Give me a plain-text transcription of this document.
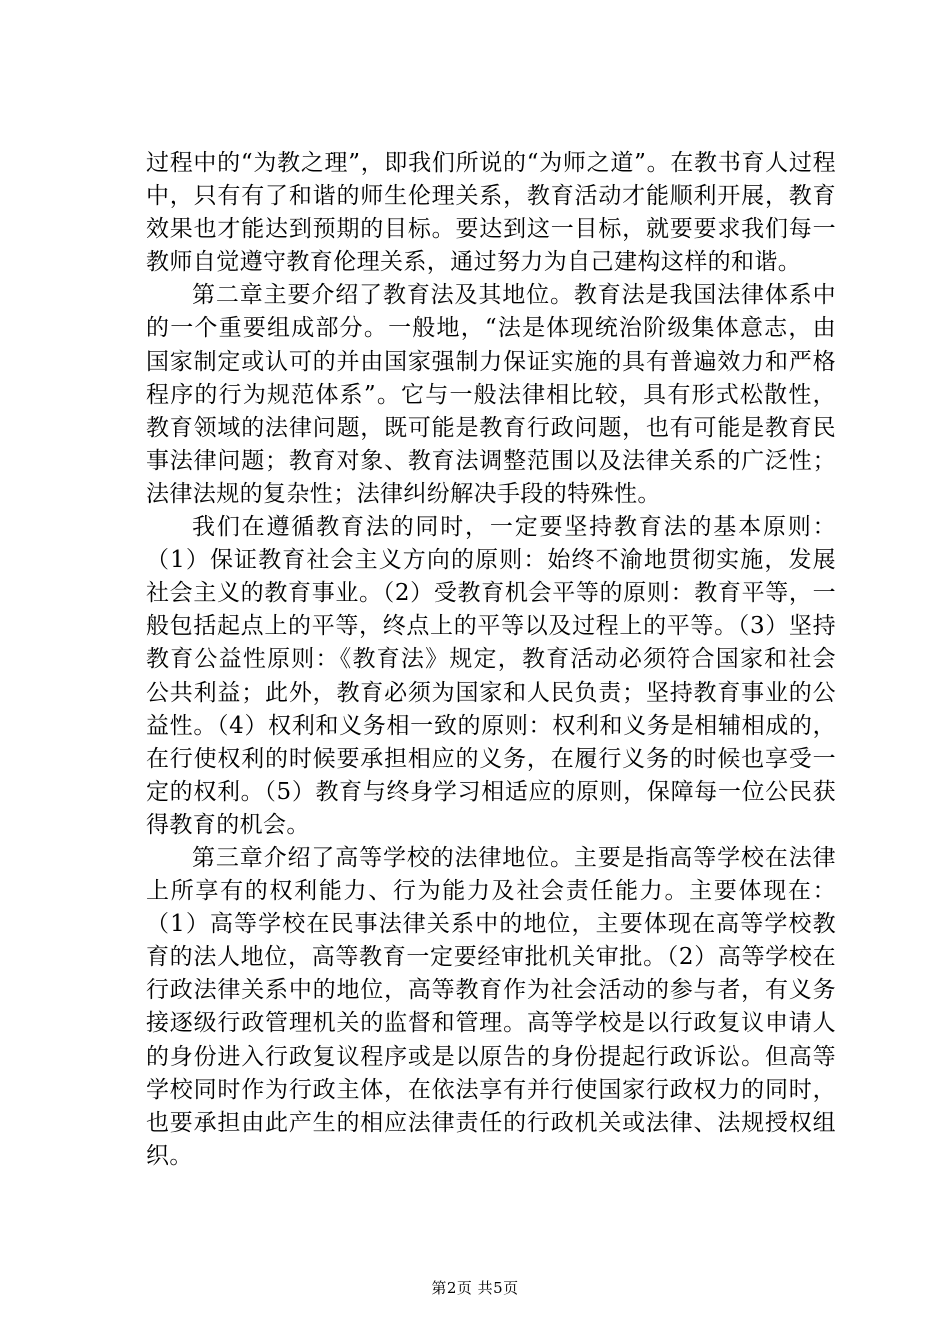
过程中的“为教之理”，即我们所说的“为师之道”。在教书育人过程中，只有有了和谐的师生伦理关系，教育活动才能顺利开展，教育效果也才能达到预期的目标。要达到这一目标，就要要求我们每一教师自觉遵守教育伦理关系，通过努力为自己建构这样的和谐。

第二章主要介绍了教育法及其地位。教育法是我国法律体系中的一个重要组成部分。一般地，“法是体现统治阶级集体意志，由国家制定或认可的并由国家强制力保证实施的具有普遍效力和严格程序的行为规范体系”。它与一般法律相比较，具有形式松散性，教育领域的法律问题，既可能是教育行政问题，也有可能是教育民事法律问题；教育对象、教育法调整范围以及法律关系的广泛性；法律法规的复杂性；法律纠纷解决手段的特殊性。

我们在遵循教育法的同时，一定要坚持教育法的基本原则：（1）保证教育社会主义方向的原则：始终不渝地贯彻实施，发展社会主义的教育事业。（2）受教育机会平等的原则：教育平等，一般包括起点上的平等，终点上的平等以及过程上的平等。（3）坚持教育公益性原则：《教育法》规定，教育活动必须符合国家和社会公共利益；此外，教育必须为国家和人民负责；坚持教育事业的公益性。（4）权利和义务相一致的原则：权利和义务是相辅相成的，在行使权利的时候要承担相应的义务，在履行义务的时候也享受一定的权利。（5）教育与终身学习相适应的原则，保障每一位公民获得教育的机会。

第三章介绍了高等学校的法律地位。主要是指高等学校在法律上所享有的权利能力、行为能力及社会责任能力。主要体现在：（1）高等学校在民事法律关系中的地位，主要体现在高等学校教育的法人地位，高等教育一定要经审批机关审批。（2）高等学校在行政法律关系中的地位，高等教育作为社会活动的参与者，有义务接逐级行政管理机关的监督和管理。高等学校是以行政复议申请人的身份进入行政复议程序或是以原告的身份提起行政诉讼。但高等学校同时作为行政主体，在依法享有并行使国家行政权力的同时，也要承担由此产生的相应法律责任的行政机关或法律、法规授权组织。

第2页 共5页
